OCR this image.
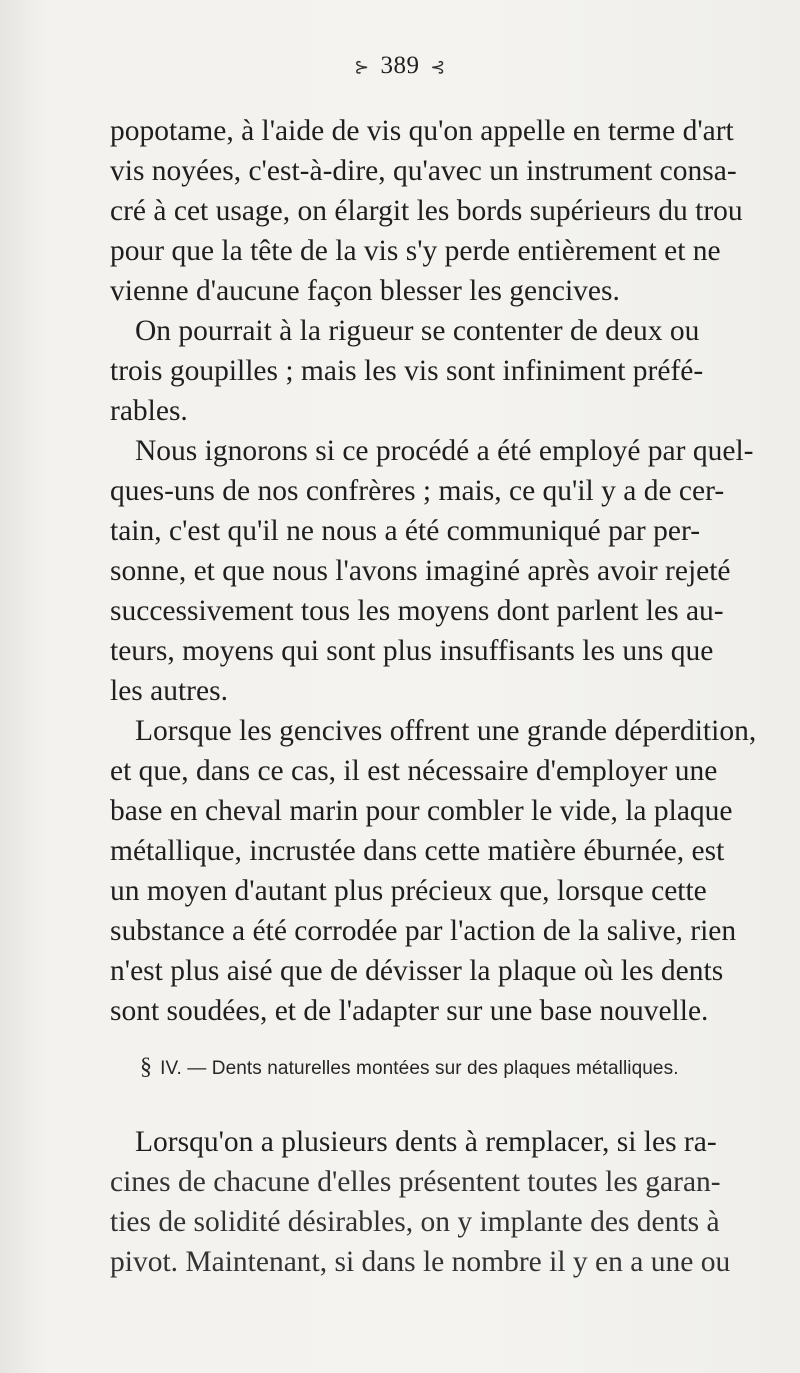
⊱ 389 ⊰
popotame, à l'aide de vis qu'on appelle en terme d'art
vis noyées, c'est-à-dire, qu'avec un instrument consa-
cré à cet usage, on élargit les bords supérieurs du trou
pour que la tête de la vis s'y perde entièrement et ne
vienne d'aucune façon blesser les gencives.
On pourrait à la rigueur se contenter de deux ou
trois goupilles ; mais les vis sont infiniment préfé-
rables.
Nous ignorons si ce procédé a été employé par quel-
ques-uns de nos confrères ; mais, ce qu'il y a de cer-
tain, c'est qu'il ne nous a été communiqué par per-
sonne, et que nous l'avons imaginé après avoir rejeté
successivement tous les moyens dont parlent les au-
teurs, moyens qui sont plus insuffisants les uns que
les autres.
Lorsque les gencives offrent une grande déperdition,
et que, dans ce cas, il est nécessaire d'employer une
base en cheval marin pour combler le vide, la plaque
métallique, incrustée dans cette matière éburnée, est
un moyen d'autant plus précieux que, lorsque cette
substance a été corrodée par l'action de la salive, rien
n'est plus aisé que de dévisser la plaque où les dents
sont soudées, et de l'adapter sur une base nouvelle.
§ IV. — Dents naturelles montées sur des plaques métalliques.
Lorsqu'on a plusieurs dents à remplacer, si les ra-
cines de chacune d'elles présentent toutes les garan-
ties de solidité désirables, on y implante des dents à
pivot. Maintenant, si dans le nombre il y en a une ou
